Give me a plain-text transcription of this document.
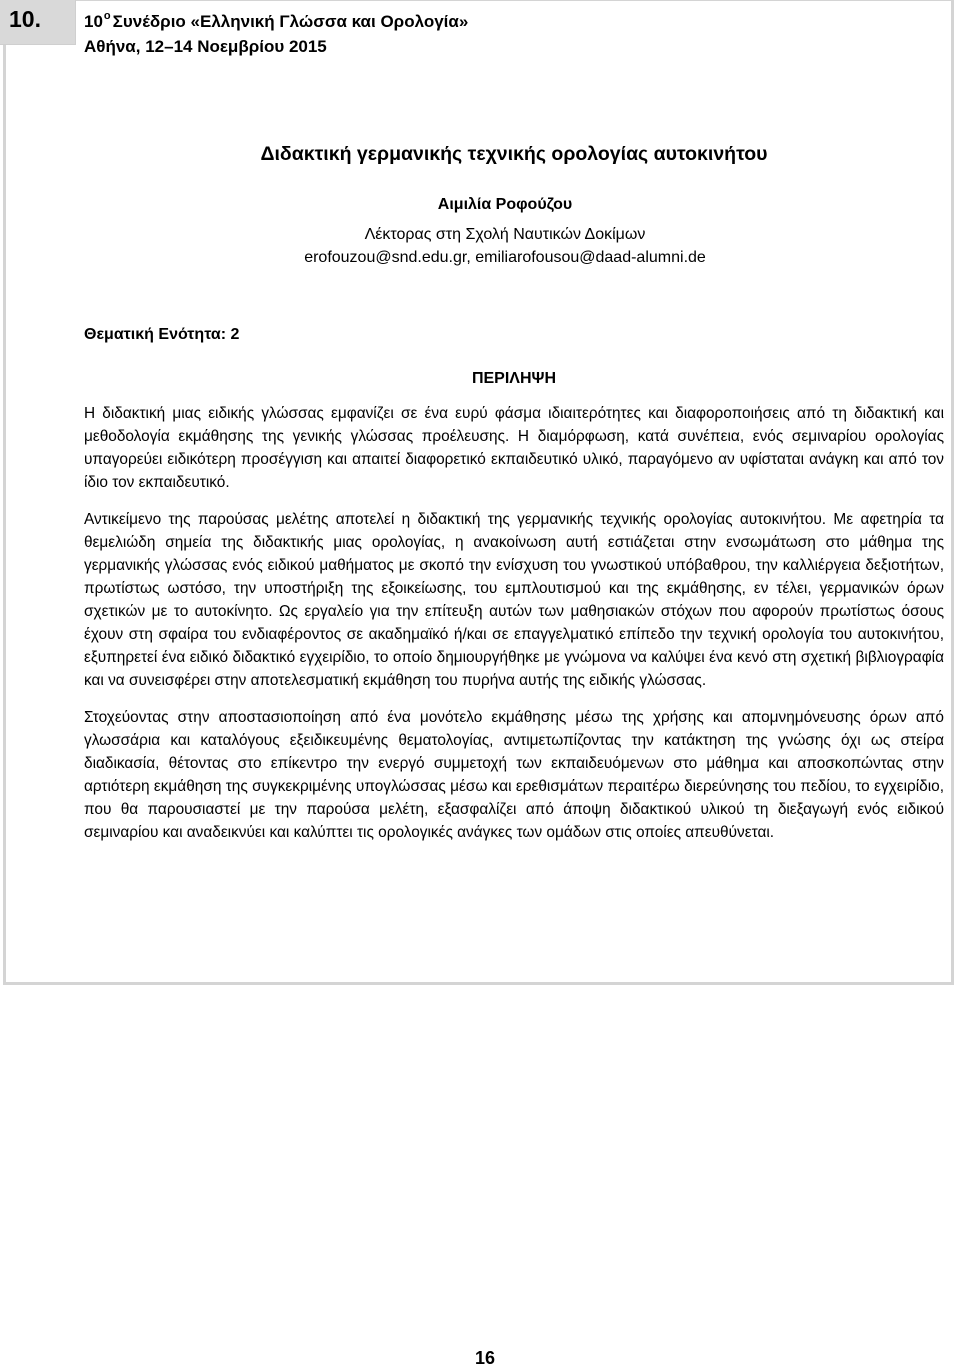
10.	$10^o$ Συνέδριο «Ελληνική Γλώσσα και Ορολογία»
Αθήνα, 12–14 Νοεμβρίου 2015
Διδακτική γερμανικής τεχνικής ορολογίας αυτοκινήτου
Αιμιλία Ροφούζου
Λέκτορας στη Σχολή Ναυτικών Δοκίμων
erofouzou@snd.edu.gr, emiliarofousou@daad-alumni.de
Θεματική Ενότητα: 2
ΠΕΡΙΛΗΨΗ

Η διδακτική μιας ειδικής γλώσσας εμφανίζει σε ένα ευρύ φάσμα ιδιαιτερότητες και διαφοροποιήσεις από τη διδακτική και μεθοδολογία εκμάθησης της γενικής γλώσσας προέλευσης. Η διαμόρφωση, κατά συνέπεια, ενός σεμιναρίου ορολογίας υπαγορεύει ειδικότερη προσέγγιση και απαιτεί διαφορετικό εκπαιδευτικό υλικό, παραγόμενο αν υφίσταται ανάγκη και από τον ίδιο τον εκπαιδευτικό.

Αντικείμενο της παρούσας μελέτης αποτελεί η διδακτική της γερμανικής τεχνικής ορολογίας αυτοκινήτου. Με αφετηρία τα θεμελιώδη σημεία της διδακτικής μιας ορολογίας, η ανακοίνωση αυτή εστιάζεται στην ενσωμάτωση στο μάθημα της γερμανικής γλώσσας ενός ειδικού μαθήματος με σκοπό την ενίσχυση του γνωστικού υπόβαθρου, την καλλιέργεια δεξιοτήτων, πρωτίστως ωστόσο, την υποστήριξη της εξοικείωσης, του εμπλουτισμού και της εκμάθησης, εν τέλει, γερμανικών όρων σχετικών με το αυτοκίνητο. Ως εργαλείο για την επίτευξη αυτών των μαθησιακών στόχων που αφορούν πρωτίστως όσους έχουν στη σφαίρα του ενδιαφέροντος σε ακαδημαϊκό ή/και σε επαγγελματικό επίπεδο την τεχνική ορολογία του αυτοκινήτου, εξυπηρετεί ένα ειδικό διδακτικό εγχειρίδιο, το οποίο δημιουργήθηκε με γνώμονα να καλύψει ένα κενό στη σχετική βιβλιογραφία και να συνεισφέρει στην αποτελεσματική εκμάθηση του πυρήνα αυτής της ειδικής γλώσσας.

Στοχεύοντας στην αποστασιοποίηση από ένα μονότελο εκμάθησης μέσω της χρήσης και απομνημόνευσης όρων από γλωσσάρια και καταλόγους εξειδικευμένης θεματολογίας, αντιμετωπίζοντας την κατάκτηση της γνώσης όχι ως στείρα διαδικασία, θέτοντας στο επίκεντρο την ενεργό συμμετοχή των εκπαιδευόμενων στο μάθημα και αποσκοπώντας στην αρτιότερη εκμάθηση της συγκεκριμένης υπογλώσσας μέσω και ερεθισμάτων περαιτέρω διερεύνησης του πεδίου, το εγχειρίδιο, που θα παρουσιαστεί με την παρούσα μελέτη, εξασφαλίζει από άποψη διδακτικού υλικού τη διεξαγωγή ενός ειδικού σεμιναρίου και αναδεικνύει και καλύπτει τις ορολογικές ανάγκες των ομάδων στις οποίες απευθύνεται.

16
